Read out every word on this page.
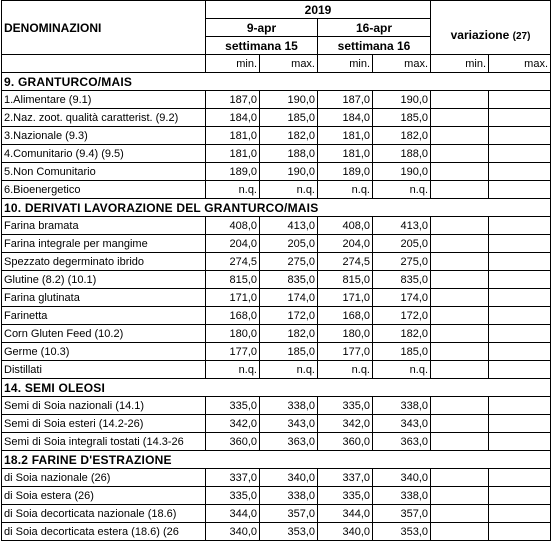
DENOMINAZIONI	2019					
	9-apr		16-apr		variazione (27)	
	settimana 15		settimana 16			
	min.	max.	min.	max.	min.	max.
9. GRANTURCO/MAIS						
1.Alimentare (9.1)	187,0	190,0	187,0	190,0		
2.Naz. zoot. qualità caratterist. (9.2)	184,0	185,0	184,0	185,0		
3.Nazionale (9.3)	181,0	182,0	181,0	182,0		
4.Comunitario (9.4) (9.5)	181,0	188,0	181,0	188,0		
5.Non Comunitario	189,0	190,0	189,0	190,0		
6.Bioenergetico	n.q.	n.q.	n.q.	n.q.		
10. DERIVATI LAVORAZIONE DEL GRANTURCO/MAIS						
Farina bramata	408,0	413,0	408,0	413,0		
Farina integrale per mangime	204,0	205,0	204,0	205,0		
Spezzato degerminato ibrido	274,5	275,0	274,5	275,0		
Glutine (8.2) (10.1)	815,0	835,0	815,0	835,0		
Farina glutinata	171,0	174,0	171,0	174,0		
Farinetta	168,0	172,0	168,0	172,0		
Corn Gluten Feed (10.2)	180,0	182,0	180,0	182,0		
Germe (10.3)	177,0	185,0	177,0	185,0		
Distillati	n.q.	n.q.	n.q.	n.q.		
14. SEMI OLEOSI						
Semi di Soia nazionali (14.1)	335,0	338,0	335,0	338,0		
Semi di Soia esteri (14.2-26)	342,0	343,0	342,0	343,0		
Semi di Soia integrali tostati (14.3-26	360,0	363,0	360,0	363,0		
18.2 FARINE D'ESTRAZIONE						
di Soia nazionale (26)	337,0	340,0	337,0	340,0		
di Soia estera (26)	335,0	338,0	335,0	338,0		
di Soia decorticata nazionale (18.6)	344,0	357,0	344,0	357,0		
di Soia decorticata estera (18.6) (26	340,0	353,0	340,0	353,0		
